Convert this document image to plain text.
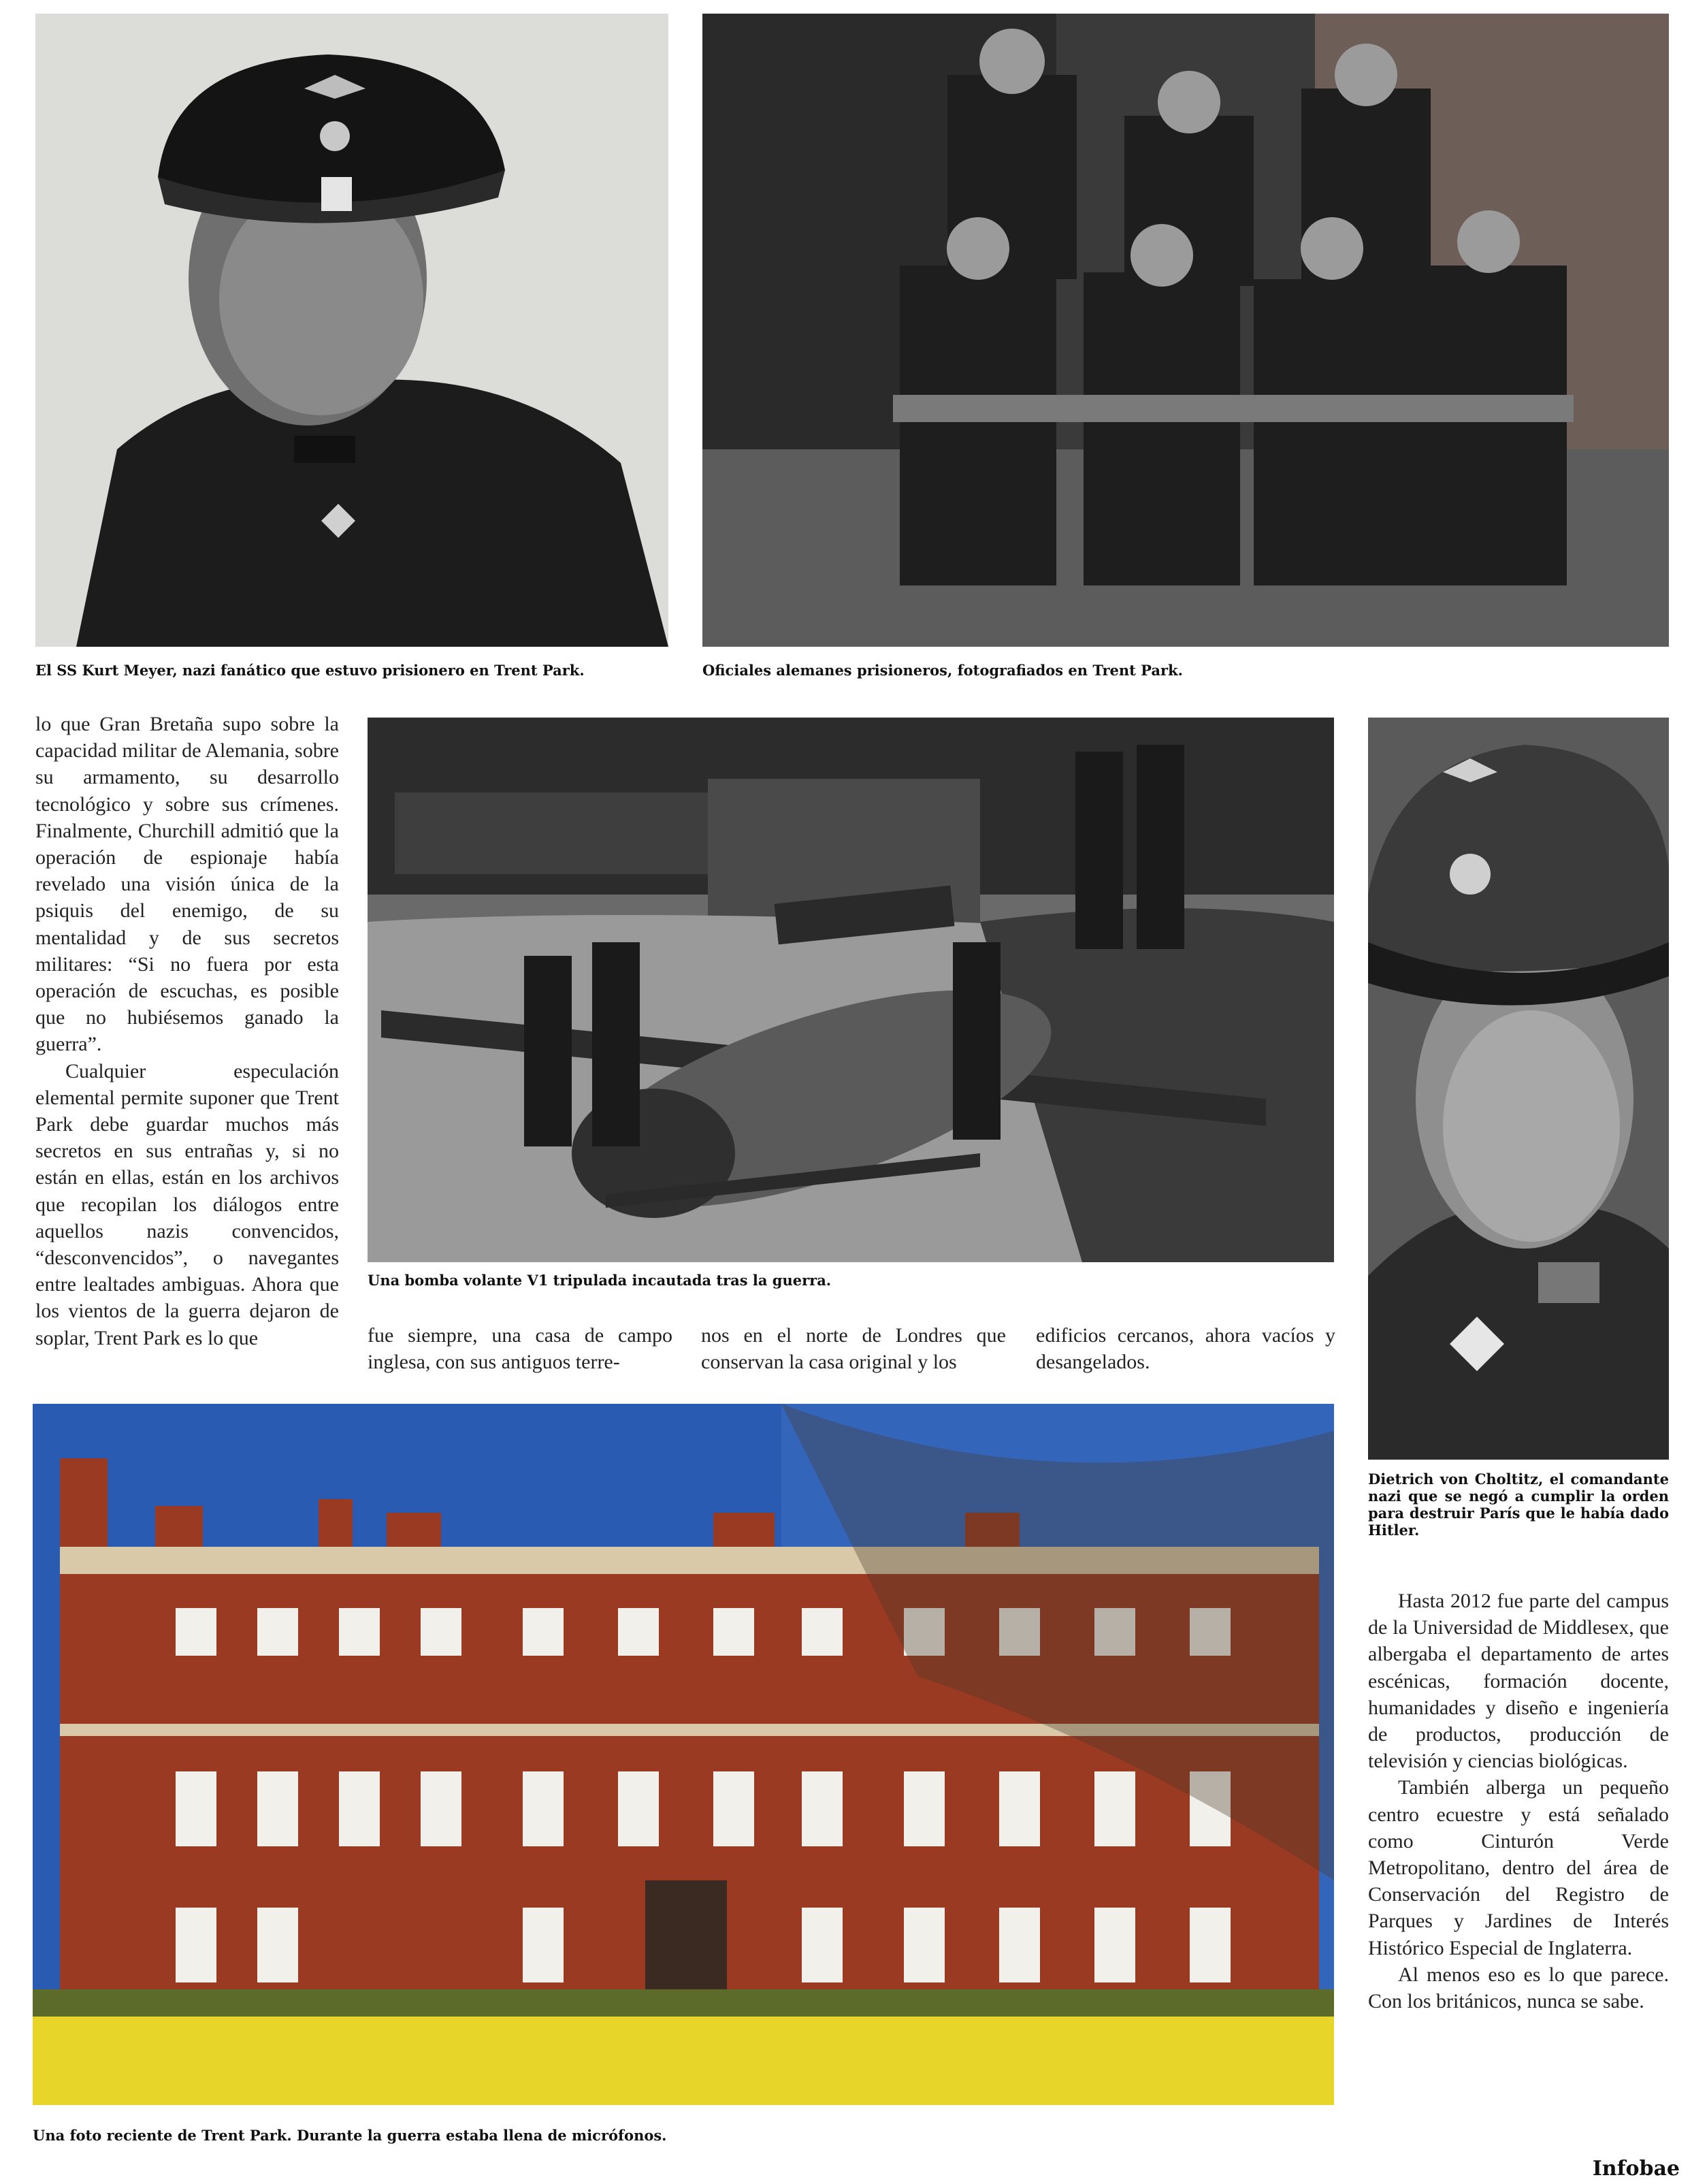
El SS Kurt Meyer, nazi fanático que estuvo prisionero en Trent Park.	Oficiales alemanes prisioneros, fotografiados en Trent Park.

Una bomba volante V1 tripulada incautada tras la guerra.

Dietrich von Choltitz, el comandante nazi que se negó a cumplir la orden para destruir París que le había dado Hitler.

Una foto reciente de Trent Park. Durante la guerra estaba llena de micrófonos.

lo que Gran Bretaña supo sobre la capacidad militar de Alemania, sobre su armamento, su desarrollo tecnológico y sobre sus crímenes. Finalmente, Churchill admitió que la operación de espionaje había revelado una visión única de la psiquis del enemigo, de su mentalidad y de sus secretos militares: “Si no fuera por esta operación de escuchas, es posible que no hubiésemos ganado la guerra”.

Cualquier especulación elemental permite suponer que Trent Park debe guardar muchos más secretos en sus entrañas y, si no están en ellas, están en los archivos que recopilan los diálogos entre aquellos nazis convencidos, “desconvencidos”, o navegantes entre lealtades ambiguas. Ahora que los vientos de la guerra dejaron de soplar, Trent Park es lo que	fue siempre, una casa de campo inglesa, con sus antiguos terre-

nos en el norte de Londres que conservan la casa original y los

edificios cercanos, ahora vacíos y desangelados.

Hasta 2012 fue parte del campus de la Universidad de Middlesex, que albergaba el departamento de artes escénicas, formación docente, humanidades y diseño e ingeniería de productos, producción de televisión y ciencias biológicas.

También alberga un pequeño centro ecuestre y está señalado como Cinturón Verde Metropolitano, dentro del área de Conservación del Registro de Parques y Jardines de Interés Histórico Especial de Inglaterra.

Al menos eso es lo que parece. Con los británicos, nunca se sabe.

Infobae
